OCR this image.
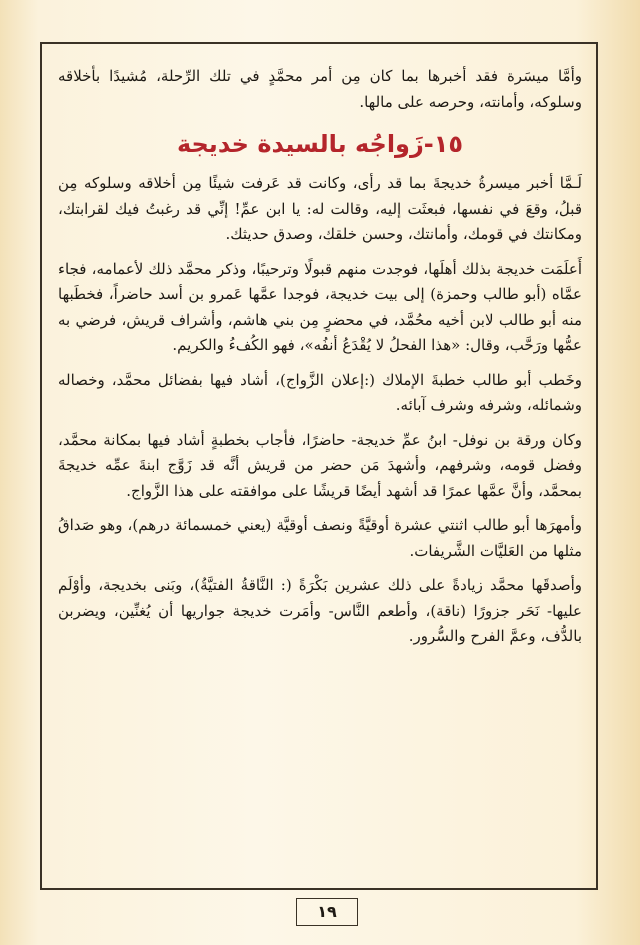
وأمَّا ميسَرة فقد أخبرها بما كان مِن أمر محمَّدٍ في تلك الرِّحلة، مُشيدًا بأخلاقه وسلوكه، وأمانته، وحرصه على مالها.

١٥-زَواجُه بالسيدة خديجة

لَـمَّا أخبر ميسرةُ خديجةَ بما قد رأى، وكانت قد عَرفت شيئًا مِن أخلاقه وسلوكه مِن قبلُ، وقعَ في نفسها، فبعثَت إليه، وقالت له: يا ابن عمِّ! إنِّي قد رغبتُ فيك لقرابتك، ومكانتك في قومك، وأمانتك، وحسن خلقك، وصدق حديثك.

أَعلَمَت خديجة بذلك أهلَها، فوجدت منهم قبولًا وترحيبًا، وذكر محمَّد ذلك لأعمامه، فجاء عمَّاه (أبو طالب وحمزة) إلى بيت خديجة، فوجدا عمَّها عَمرو بن أسد حاضراً، فخطَبها منه أبو طالب لابن أخيه محُمَّد، في محضرٍ مِن بني هاشم، وأشراف قريش، فرضي به عمُّها ورَحَّب، وقال: «هذا الفحلُ لا يُقْدَعُ أنفُه»، فهو الكُفءُ والكريم.

وخَطب أبو طالب خطبةَ الإملاك (:إعلان الزَّواج)، أشاد فيها بفضائل محمَّد، وخصاله وشمائله، وشرفه وشرف آبائه.

وكان ورقة بن نوفل- ابنُ عمِّ خديجة- حاضرًا، فأجاب بخطبةٍ أشاد فيها بمكانة محمَّد، وفضل قومه، وشرفهم، وأشهدَ مَن حضر من قريش أنَّه قد زَوَّج ابنةَ عمِّه خديجةَ بمحمَّد، وأنَّ عمَّها عمرًا قد أشهد أيضًا قريشًا على موافقته على هذا الزَّواج.

وأمهرَها أبو طالب اثنتي عشرة أوقيَّةً ونصف أوقيَّة (يعني خمسمائة درهم)، وهو صَداقُ مثلها من العَليَّات الشَّريفات.

وأصدقَها محمَّد زيادةً على ذلك عشرين بَكْرَةً (: النَّاقةُ الفتيَّةُ)، وبَنى بخديجة، وأوْلَم عليها- نَحَر جزورًا (ناقة)، وأطعم النَّاس- وأمَرت خديجة جواريها أن يُغنِّين، ويضربن بالدُّف، وعمَّ الفرح والسُّرور.

١٩
